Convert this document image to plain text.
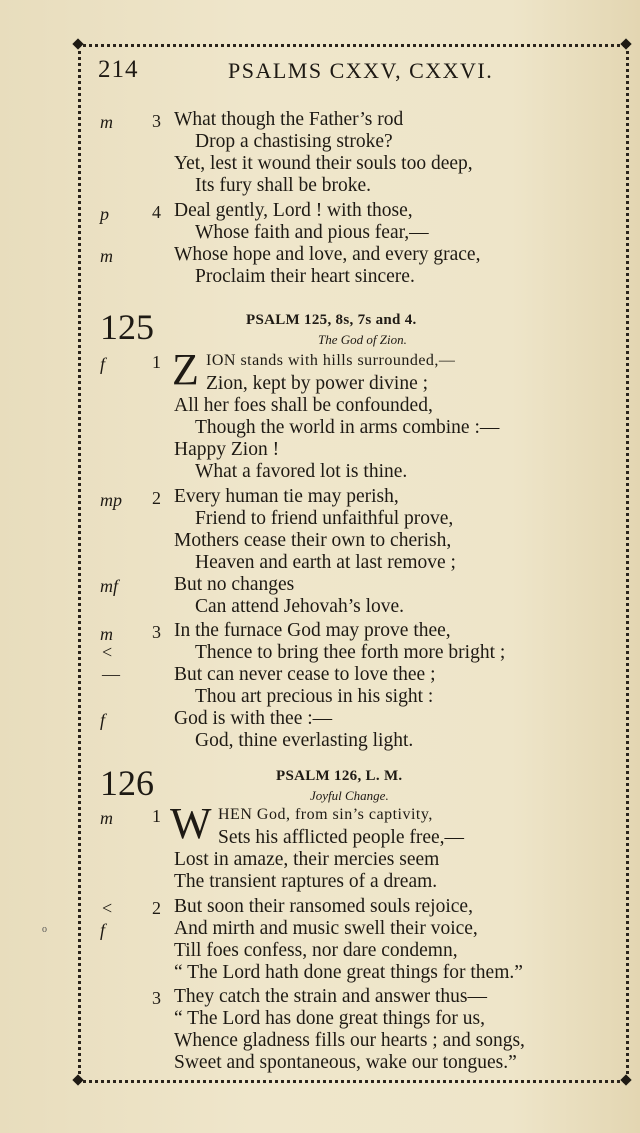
214	PSALMS CXXV, CXXVI.
m 3 What though the Father’s rod
Drop a chastising stroke?
Yet, lest it wound their souls too deep,
Its fury shall be broke.
p 4 Deal gently, Lord ! with those,
Whose faith and pious fear,—
m	Whose hope and love, and every grace,
Proclaim their heart sincere.
125	PSALM 125, 8s, 7s and 4.
The God of Zion.
f	1 Z ION stands with hills surrounded,—
Zion, kept by power divine ;
All her foes shall be confounded,
Though the world in arms combine :—
Happy Zion !
What a favored lot is thine.
mp 2 Every human tie may perish,
Friend to friend unfaithful prove,
Mothers cease their own to cherish,
Heaven and earth at last remove ;
mf	But no changes
Can attend Jehovah’s love.
m 3 In the furnace God may prove thee,
<	Thence to bring thee forth more bright ;
—	But can never cease to love thee ;
Thou art precious in his sight :
f	God is with thee :—
God, thine everlasting light.
126	PSALM 126, L. M.
Joyful Change.
m 1 W HEN God, from sin’s captivity,
Sets his afflicted people free,—
Lost in amaze, their mercies seem
The transient raptures of a dream.
< 2 But soon their ransomed souls rejoice,
f	And mirth and music swell their voice,
Till foes confess, nor dare condemn,
“ The Lord hath done great things for them.”
3 They catch the strain and answer thus—
“ The Lord has done great things for us,
Whence gladness fills our hearts ; and songs,
Sweet and spontaneous, wake our tongues.”
o
